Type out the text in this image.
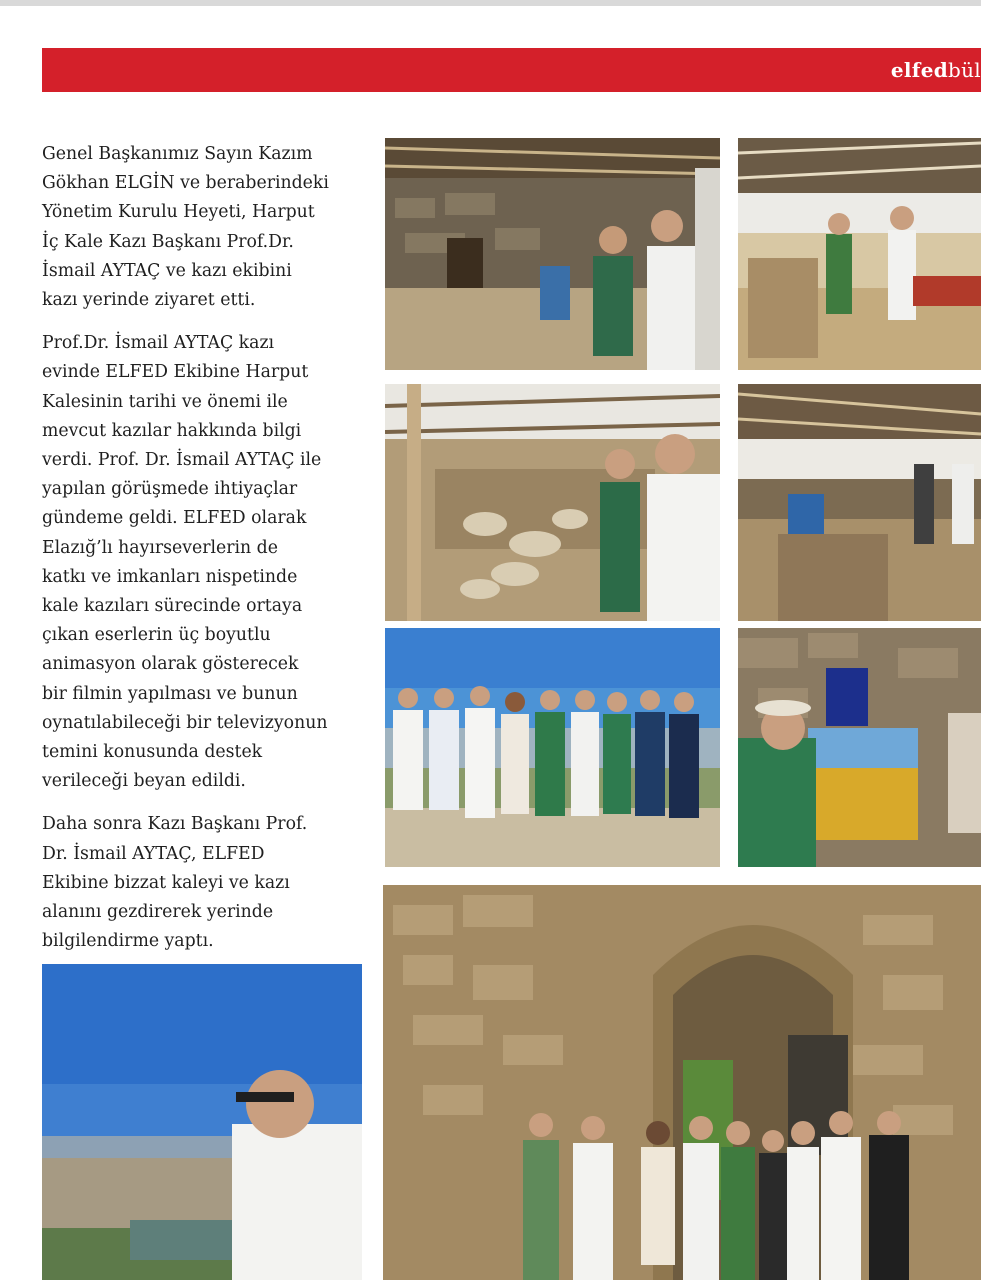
elfedbül

Genel Başkanımız Sayın Kazım
Gökhan ELGİN ve beraberindeki
Yönetim Kurulu Heyeti, Harput
İç Kale Kazı Başkanı Prof.Dr.
İsmail AYTAÇ ve kazı ekibini
kazı yerinde ziyaret etti.

Prof.Dr. İsmail AYTAÇ kazı
evinde ELFED Ekibine Harput
Kalesinin tarihi ve önemi ile
mevcut kazılar hakkında bilgi
verdi. Prof. Dr. İsmail AYTAÇ ile
yapılan görüşmede ihtiyaçlar
gündeme geldi. ELFED olarak
Elazığ’lı hayırseverlerin de
katkı ve imkanları nispetinde
kale kazıları sürecinde ortaya
çıkan eserlerin üç boyutlu
animasyon olarak gösterecek
bir filmin yapılması ve bunun
oynatılabileceği bir televizyonun
temini konusunda destek
verileceği beyan edildi.

Daha sonra Kazı Başkanı Prof.
Dr. İsmail AYTAÇ, ELFED
Ekibine bizzat kaleyi ve kazı
alanını gezdirerek yerinde
bilgilendirme yaptı.
